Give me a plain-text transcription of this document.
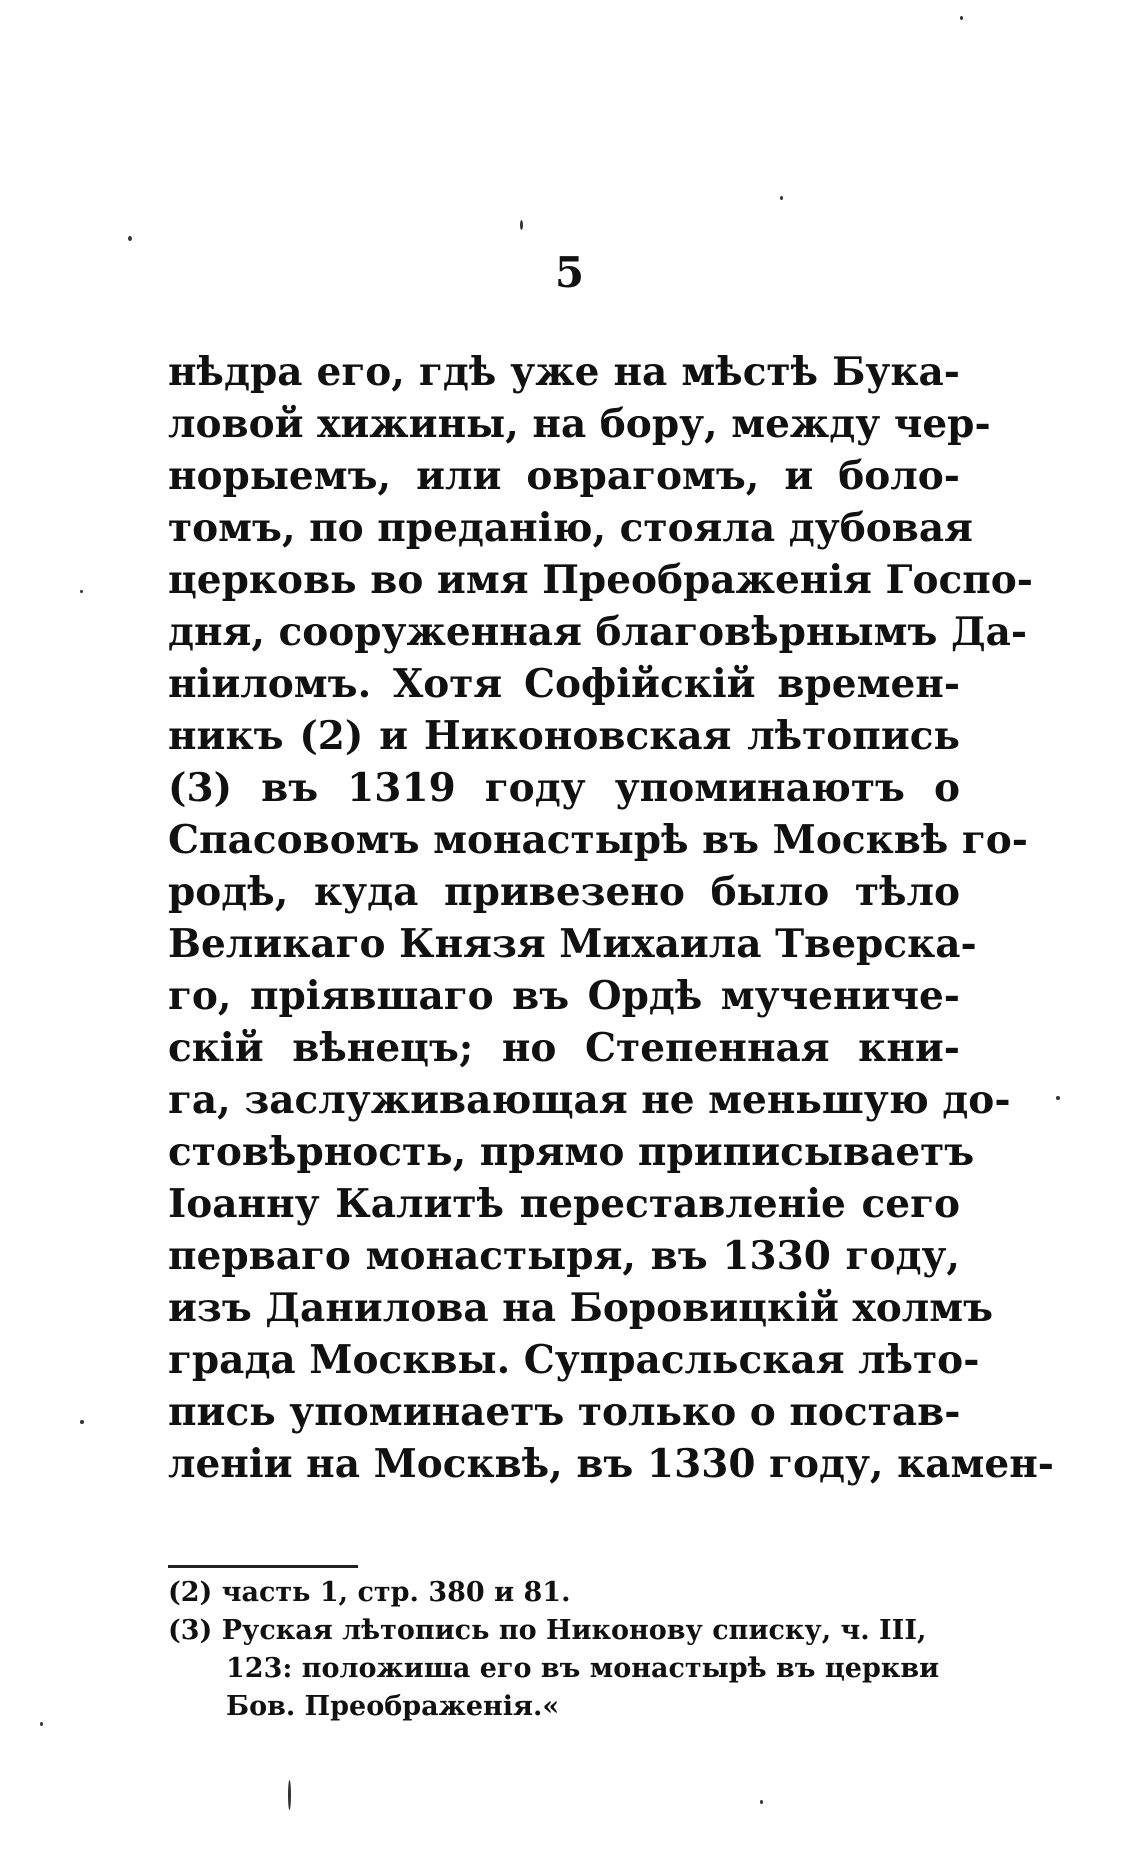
5
нѣдра его, гдѣ уже на мѣстѣ Бука-
ловой хижины, на бору, между чер-
норыемъ, или оврагомъ, и боло-
томъ, по преданію, стояла дубовая
церковь во имя Преображенія Госпо-
дня, сооруженная благовѣрнымъ Да-
ніиломъ. Хотя Софійскій времен-
никъ (2) и Никоновская лѣтопись
(3) въ 1319 году упоминаютъ о
Спасовомъ монастырѣ въ Москвѣ го-
родѣ, куда привезено было тѣло
Великаго Князя Михаила Тверска-
го, пріявшаго въ Ордѣ мучениче-
скій вѣнецъ; но Степенная кни-
га, заслуживающая не меньшую до-
стовѣрность, прямо приписываетъ
Іоанну Калитѣ переставленіе сего
перваго монастыря, въ 1330 году,
изъ Данилова на Боровицкій холмъ
града Москвы. Супрасльская лѣто-
пись упоминаетъ только о постав-
леніи на Москвѣ, въ 1330 году, камен-
(2) часть 1, стр. 380 и 81.
(3) Руская лѣтопись по Никонову списку, ч. III,
123: положиша его въ монастырѣ въ церкви
Бов. Преображенія.«
